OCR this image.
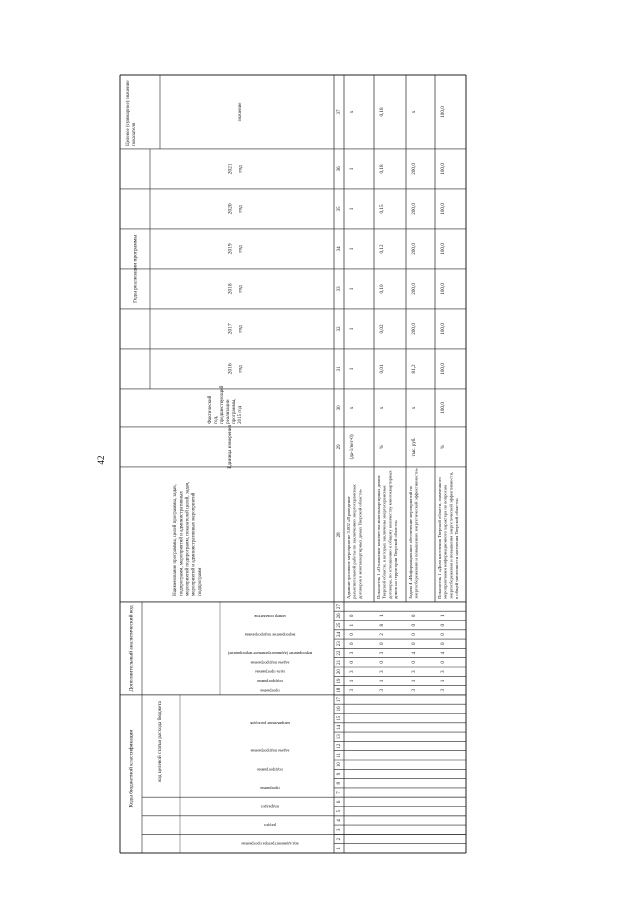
42
Коды бюджетной классификации	код целевой статьи расхода бюджета
Дополнительный аналитический код
Наименование программы, целей программы, задач, подпрограмм, мероприятий и административных мероприятий подпрограмм, показателей целей, задач, мероприятий и административных мероприятий подпрограмм
Единица измерения
Фактический год, предшествующий реализации программы, 2015 год
Годы реализации программы
Целевое (суммарное) значение показателя
значение
2016 год
2017 год
2018 год
2019 год
2020 год
2021 год
код администратора программы
раздел
подраздел
программа
подпрограмма
задача подпрограммы
направление расходов
программа
подпрограмма
цель программы
задача подпрограммы
мероприятие (административное мероприятие)
мероприятие подпрограммы
номер показателя
1
2
3
4
5
6
7
8
9
10
11
12
13
14
15
16
17
18
19
20
21
22
23
24
25
26
27
28
29
30
31
32
33
34
35
36
37
3
1
3
0
3
0
0
1
0
Административное мероприятие 3.002 «Проведение разъяснительной работы по заключению энергосервисных договоров в многоквартирных домах Тверской области»
(да-1/нет-0)
х
1
1
1
1
1
1
х
3
1
3
0
3
0
2
8
1
Показатель 1 «Отношение количества многоквартирных домов Тверской области, в которых заключены энергосервисные договоры, по отношению к общему количеству многоквартирных домов на территории Тверской области»
%
х
0,01
0,02
0,10
0,12
0,15
0,18
0,18
3
1
3
0
4
0
0
0
0
Задача 4 «Информационное обеспечение мероприятий по энергосбережению и повышению энергетической эффективности»
тыс. руб.
х
81,2
200,0
200,0
200,0
200,0
200,0
х
3
1
3
0
4
0
0
0
1
Показатель 1 «Доля населения Тверской области, охваченного мероприятиями информационного характера по вопросам энергосбережения и повышения энергетической эффективности, в общей численности населения Тверской области»
%
100,0
100,0
100,0
100,0
100,0
100,0
100,0
100,0
